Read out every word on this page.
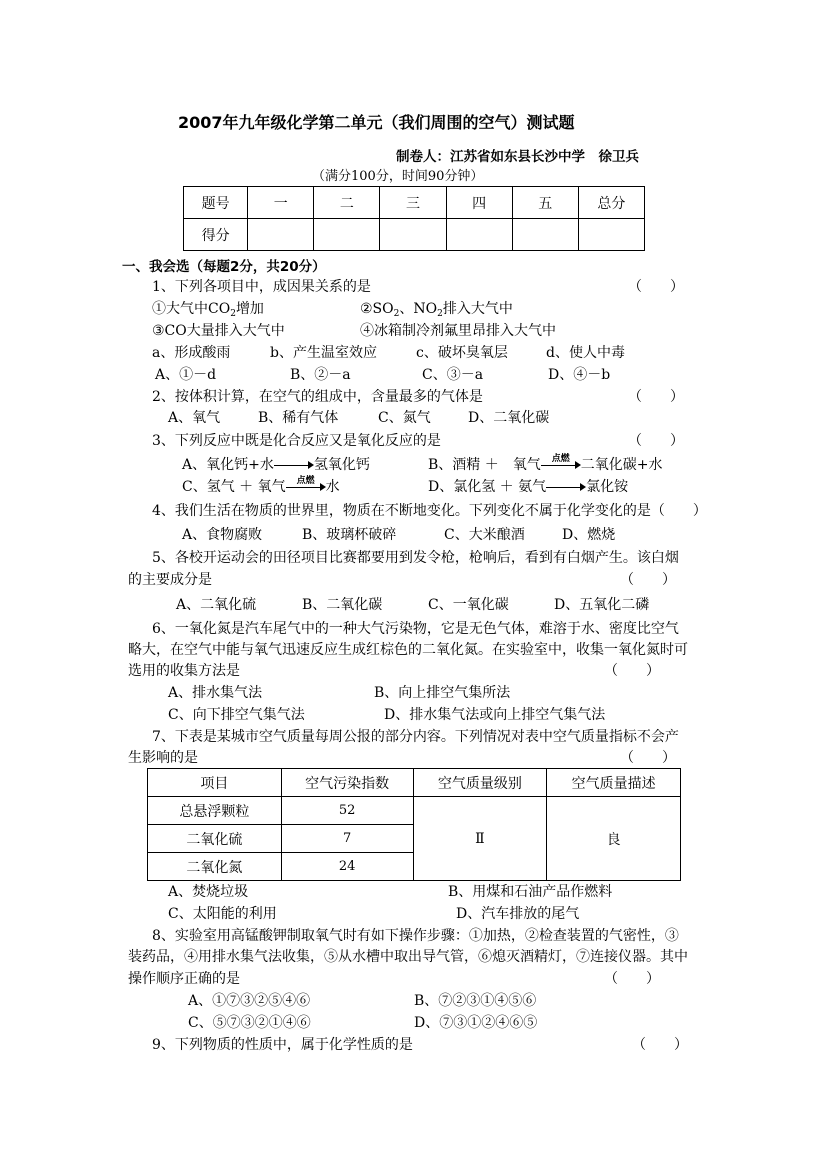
2007年九年级化学第二单元（我们周围的空气）测试题
制卷人：江苏省如东县长沙中学　徐卫兵
（满分100分，时间90分钟）
题号	一	二	三	四	五	总分
得分						
一、我会选（每题2分，共20分）
1、下列各项目中，成因果关系的是	（　　）
①大气中$CO_2$增加	$②SO_2$、$NO_2$排入大气中
③CO大量排入大气中	④冰箱制冷剂氟里昂排入大气中
a、形成酸雨	b、产生温室效应	c、破坏臭氧层	d、使人中毒
A、①－d	B、②－a	C、③－a	D、④－b
2、按体积计算，在空气的组成中，含量最多的气体是	（　　）
A、氧气	B、稀有气体	C、氮气	D、二氧化碳
3、下列反应中既是化合反应又是氧化反应的是	（　　）
A、氧化钙+水	氢氧化钙	B、酒精 ＋　氧气	点燃 二氧化碳+水
C、氢气 ＋ 氧气	点燃 水	D、氯化氢 ＋ 氨气	氯化铵
4、我们生活在物质的世界里，物质在不断地变化。下列变化不属于化学变化的是（　　）
A、食物腐败	B、玻璃杯破碎	C、大米酿酒	D、燃烧
5、各校开运动会的田径项目比赛都要用到发令枪，枪响后，看到有白烟产生。该白烟
的主要成分是	（　　）
A、二氧化硫	B、二氧化碳	C、一氧化碳	D、五氧化二磷
6、一氧化氮是汽车尾气中的一种大气污染物，它是无色气体，难溶于水、密度比空气
略大，在空气中能与氧气迅速反应生成红棕色的二氧化氮。在实验室中，收集一氧化氮时可
选用的收集方法是	（　　）
A、排水集气法	B、向上排空气集所法
C、向下排空气集气法	D、排水集气法或向上排空气集气法
7、下表是某城市空气质量每周公报的部分内容。下列情况对表中空气质量指标不会产
生影响的是	（　　）
项目	空气污染指数	空气质量级别	空气质量描述
总悬浮颗粒	52	Ⅱ	良
二氧化硫	7		
二氧化氮	24		
A、焚烧垃圾	B、用煤和石油产品作燃料
C、太阳能的利用	D、汽车排放的尾气
8、实验室用高锰酸钾制取氧气时有如下操作步骤：①加热，②检查装置的气密性，③
装药品，④用排水集气法收集，⑤从水槽中取出导气管，⑥熄灭酒精灯，⑦连接仪器。其中
操作顺序正确的是	（　　）
A、①⑦③②⑤④⑥	B、⑦②③①④⑤⑥
C、⑤⑦③②①④⑥	D、⑦③①②④⑥⑤
9、下列物质的性质中，属于化学性质的是	（　　）
